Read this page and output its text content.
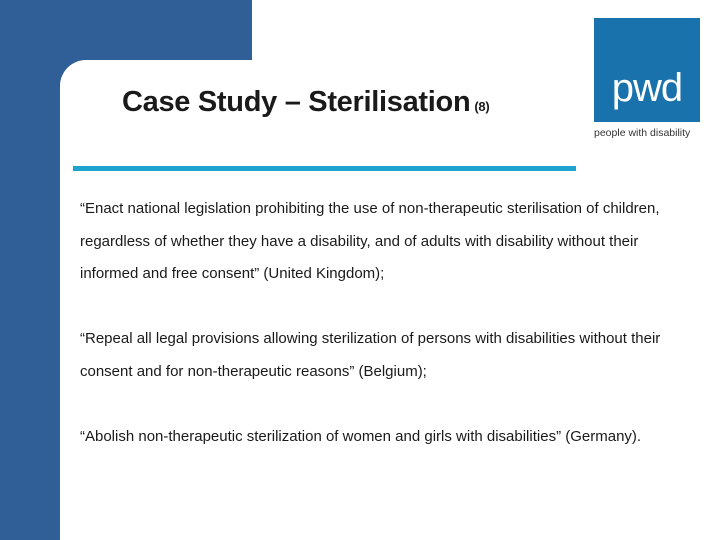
Case Study – Sterilisation (8)	pwd
people with disability

“Enact national legislation prohibiting the use of non-therapeutic sterilisation of children, regardless of whether they have a disability, and of adults with disability without their informed and free consent” (United Kingdom);

“Repeal all legal provisions allowing sterilization of persons with disabilities without their consent and for non-therapeutic reasons” (Belgium);

“Abolish non-therapeutic sterilization of women and girls with disabilities” (Germany).
